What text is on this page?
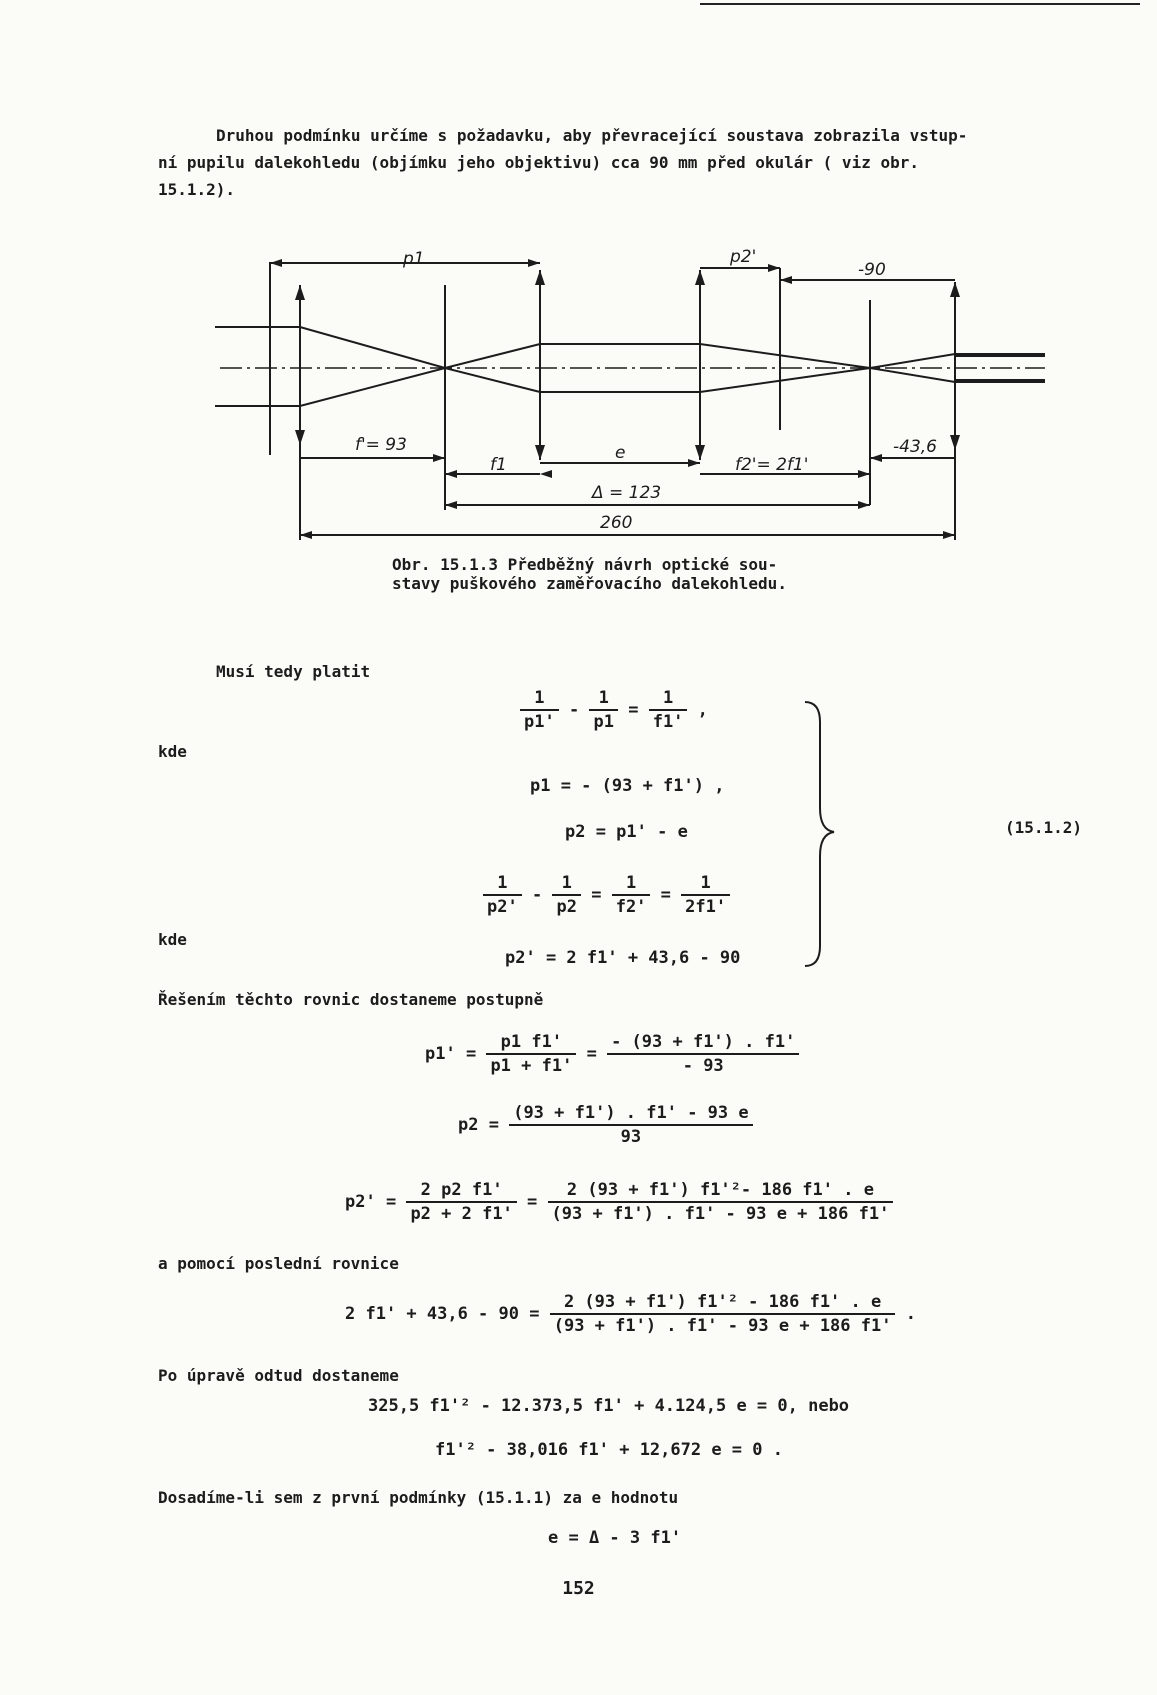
Druhou podmínku určíme s požadavku, aby převracející soustava zobrazila vstup-

ní pupilu dalekohledu (objímku jeho objektivu) cca 90 mm před okulár ( viz obr.

15.1.2).

p1	p2'
-90
f'= 93
f1
e
f2'= 2f1'
-43,6
Δ = 123
260
Obr. 15.1.3 Předběžný návrh optické sou-
stavy puškového zaměřovacího dalekohledu.
Musí tedy platit
kde
kde
$\frac{1}{p1'} - \frac{1}{p1} = \frac{1}{f1'}$ ,
p1 = - (93 + f1') ,
p2 = p1' - e
$\frac{1}{p2'} - \frac{1}{p2} = \frac{1}{f2'} = \frac{1}{2f1'}$
p2' = 2 f1' + 43,6 - 90
(15.1.2)
Řešením těchto rovnic dostaneme postupně
$p1' = \frac{p1 f1'}{p1 + f1'} = \frac{- (93 + f1') . f1'}{- 93}$
$p2 = \frac{(93 + f1') . f1' - 93 e}{93}$
$p2' = \frac{2 p2 f1'}{p2 + 2 f1'} = \frac{\text{2 (93 + f1') f1'²- 186 f1' . e}}{(93 + f1') . f1' - 93 e + 186 f1'}$
a pomocí poslední rovnice
2 $f1' + 43,6 - 90 = \frac{\text{2 (93 + f1') f1'² - 186 f1' . e}}{(93 + f1') . f1' - 93 e + 186 f1'}$ .
Po úpravě odtud dostaneme
325,5 f1'² - 12.373,5 f1' + 4.124,5 e = 0, nebo
f1'² - 38,016 f1' + 12,672 e = 0 .
Dosadíme-li sem z první podmínky (15.1.1) za e hodnotu
e = Δ - 3 f1'
152
